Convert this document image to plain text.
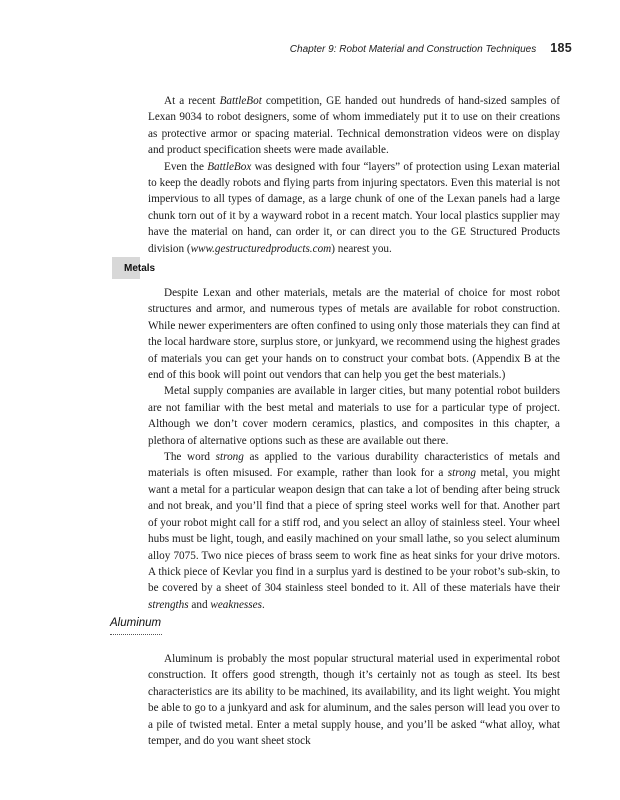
Chapter 9: Robot Material and Construction Techniques 185

At a recent BattleBot competition, GE handed out hundreds of hand-sized samples of Lexan 9034 to robot designers, some of whom immediately put it to use on their creations as protective armor or spacing material. Technical demonstration videos were on display and product specification sheets were made available.

Even the BattleBox was designed with four “layers” of protection using Lexan material to keep the deadly robots and flying parts from injuring spectators. Even this material is not impervious to all types of damage, as a large chunk of one of the Lexan panels had a large chunk torn out of it by a wayward robot in a recent match. Your local plastics supplier may have the material on hand, can order it, or can direct you to the GE Structured Products division (www.gestructuredproducts.com) nearest you.

Metals

Despite Lexan and other materials, metals are the material of choice for most robot structures and armor, and numerous types of metals are available for robot construction. While newer experimenters are often confined to using only those materials they can find at the local hardware store, surplus store, or junkyard, we recommend using the highest grades of materials you can get your hands on to construct your combat bots. (Appendix B at the end of this book will point out vendors that can help you get the best materials.)

Metal supply companies are available in larger cities, but many potential robot builders are not familiar with the best metal and materials to use for a particular type of project. Although we don’t cover modern ceramics, plastics, and composites in this chapter, a plethora of alternative options such as these are available out there.

The word strong as applied to the various durability characteristics of metals and materials is often misused. For example, rather than look for a strong metal, you might want a metal for a particular weapon design that can take a lot of bending after being struck and not break, and you’ll find that a piece of spring steel works well for that. Another part of your robot might call for a stiff rod, and you select an alloy of stainless steel. Your wheel hubs must be light, tough, and easily machined on your small lathe, so you select aluminum alloy 7075. Two nice pieces of brass seem to work fine as heat sinks for your drive motors. A thick piece of Kevlar you find in a surplus yard is destined to be your robot’s sub-skin, to be covered by a sheet of 304 stainless steel bonded to it. All of these materials have their strengths and weaknesses.

Aluminum

Aluminum is probably the most popular structural material used in experimental robot construction. It offers good strength, though it’s certainly not as tough as steel. Its best characteristics are its ability to be machined, its availability, and its light weight. You might be able to go to a junkyard and ask for aluminum, and the sales person will lead you over to a pile of twisted metal. Enter a metal supply house, and you’ll be asked “what alloy, what temper, and do you want sheet stock
